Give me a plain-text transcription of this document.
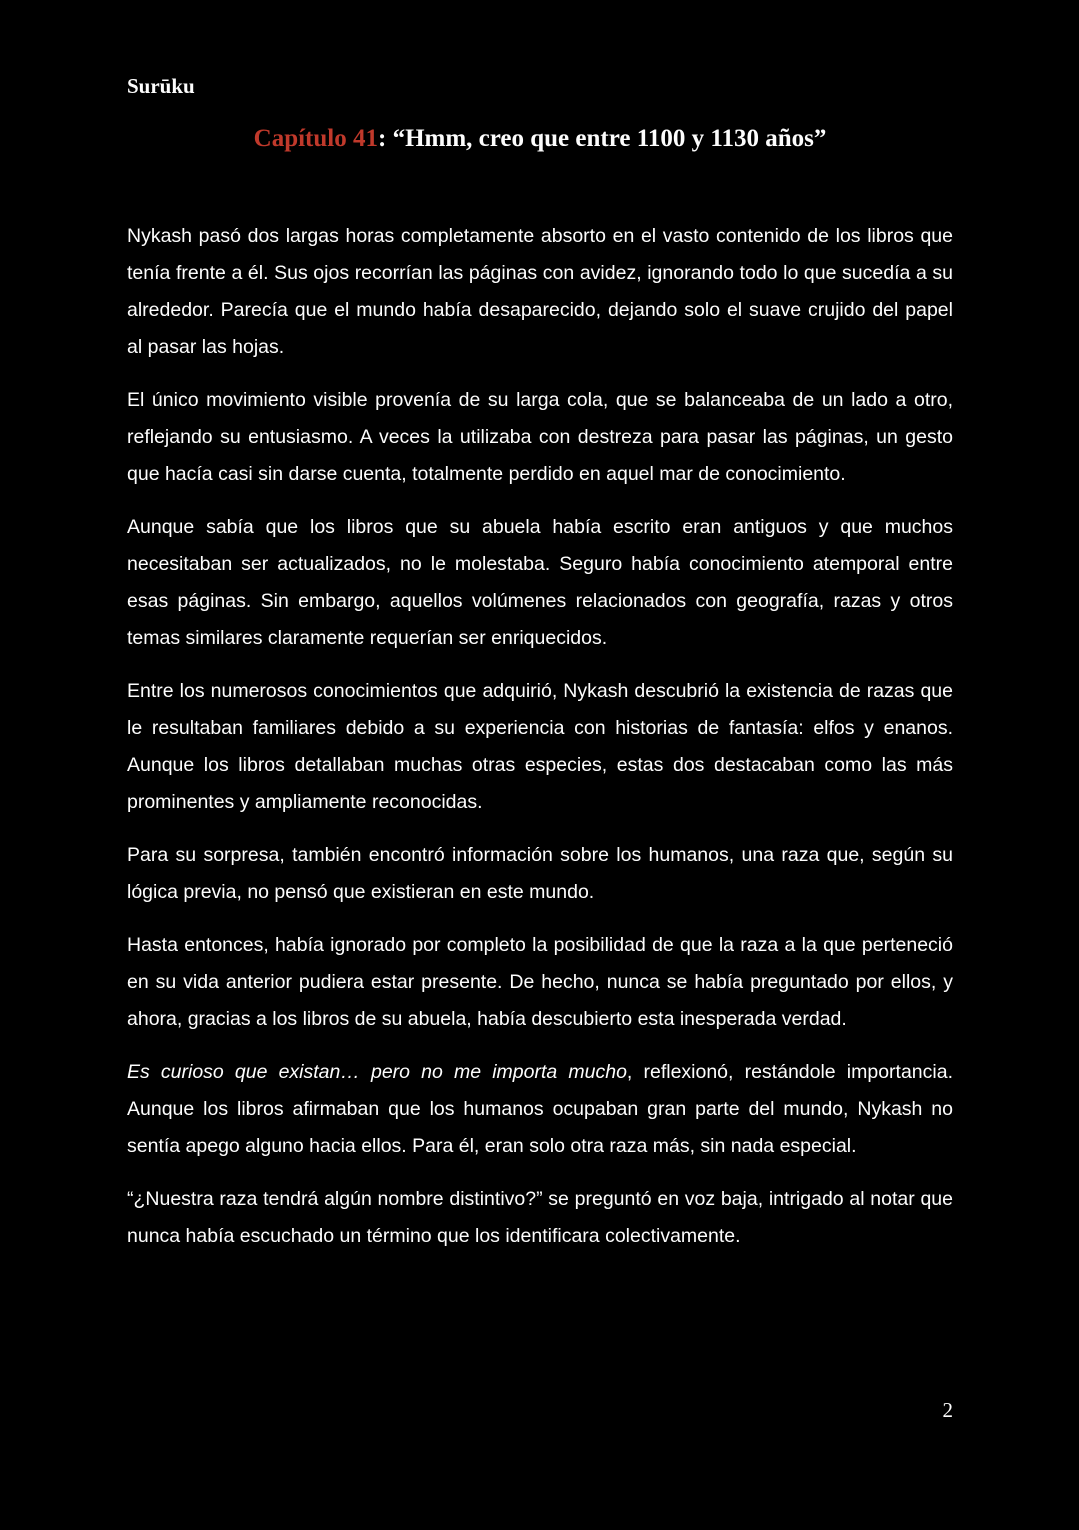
Surūku
Capítulo 41: “Hmm, creo que entre 1100 y 1130 años”

Nykash pasó dos largas horas completamente absorto en el vasto contenido de los libros que tenía frente a él. Sus ojos recorrían las páginas con avidez, ignorando todo lo que sucedía a su alrededor. Parecía que el mundo había desaparecido, dejando solo el suave crujido del papel al pasar las hojas.

El único movimiento visible provenía de su larga cola, que se balanceaba de un lado a otro, reflejando su entusiasmo. A veces la utilizaba con destreza para pasar las páginas, un gesto que hacía casi sin darse cuenta, totalmente perdido en aquel mar de conocimiento.

Aunque sabía que los libros que su abuela había escrito eran antiguos y que muchos necesitaban ser actualizados, no le molestaba. Seguro había conocimiento atemporal entre esas páginas. Sin embargo, aquellos volúmenes relacionados con geografía, razas y otros temas similares claramente requerían ser enriquecidos.

Entre los numerosos conocimientos que adquirió, Nykash descubrió la existencia de razas que le resultaban familiares debido a su experiencia con historias de fantasía: elfos y enanos. Aunque los libros detallaban muchas otras especies, estas dos destacaban como las más prominentes y ampliamente reconocidas.

Para su sorpresa, también encontró información sobre los humanos, una raza que, según su lógica previa, no pensó que existieran en este mundo.

Hasta entonces, había ignorado por completo la posibilidad de que la raza a la que perteneció en su vida anterior pudiera estar presente. De hecho, nunca se había preguntado por ellos, y ahora, gracias a los libros de su abuela, había descubierto esta inesperada verdad.

Es curioso que existan… pero no me importa mucho, reflexionó, restándole importancia. Aunque los libros afirmaban que los humanos ocupaban gran parte del mundo, Nykash no sentía apego alguno hacia ellos. Para él, eran solo otra raza más, sin nada especial.

“¿Nuestra raza tendrá algún nombre distintivo?” se preguntó en voz baja, intrigado al notar que nunca había escuchado un término que los identificara colectivamente.

2
